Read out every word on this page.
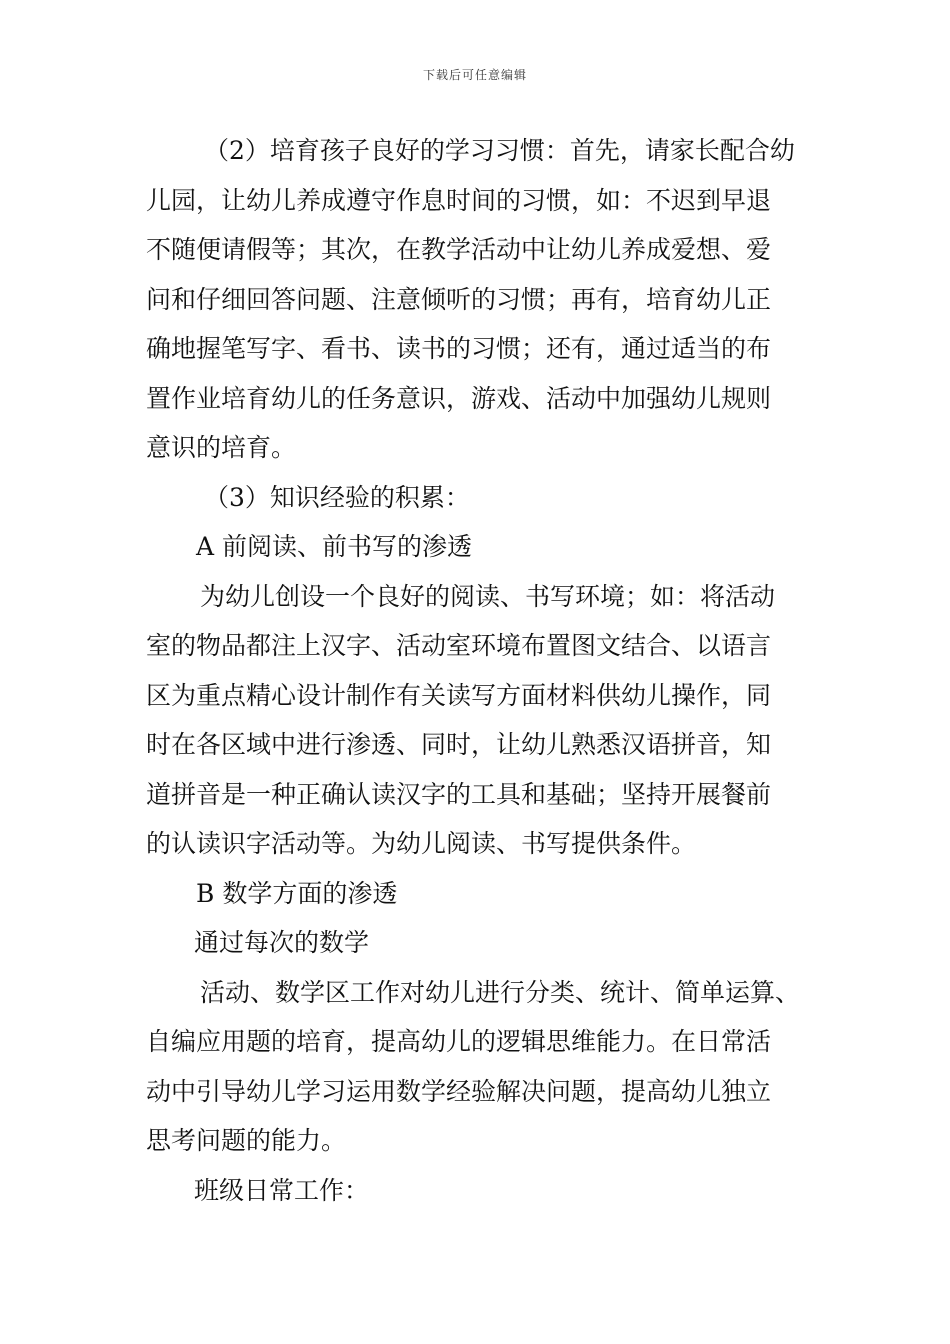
下载后可任意编辑
（2）培育孩子良好的学习习惯：首先，请家长配合幼
儿园，让幼儿养成遵守作息时间的习惯，如：不迟到早退
不随便请假等；其次，在教学活动中让幼儿养成爱想、爱
问和仔细回答问题、注意倾听的习惯；再有，培育幼儿正
确地握笔写字、看书、读书的习惯；还有，通过适当的布
置作业培育幼儿的任务意识，游戏、活动中加强幼儿规则
意识的培育。
（3）知识经验的积累：
A 前阅读、前书写的渗透
为幼儿创设一个良好的阅读、书写环境；如：将活动
室的物品都注上汉字、活动室环境布置图文结合、以语言
区为重点精心设计制作有关读写方面材料供幼儿操作，同
时在各区域中进行渗透、同时，让幼儿熟悉汉语拼音，知
道拼音是一种正确认读汉字的工具和基础；坚持开展餐前
的认读识字活动等。为幼儿阅读、书写提供条件。
B 数学方面的渗透
通过每次的数学
活动、数学区工作对幼儿进行分类、统计、简单运算、
自编应用题的培育，提高幼儿的逻辑思维能力。在日常活
动中引导幼儿学习运用数学经验解决问题，提高幼儿独立
思考问题的能力。
班级日常工作：
